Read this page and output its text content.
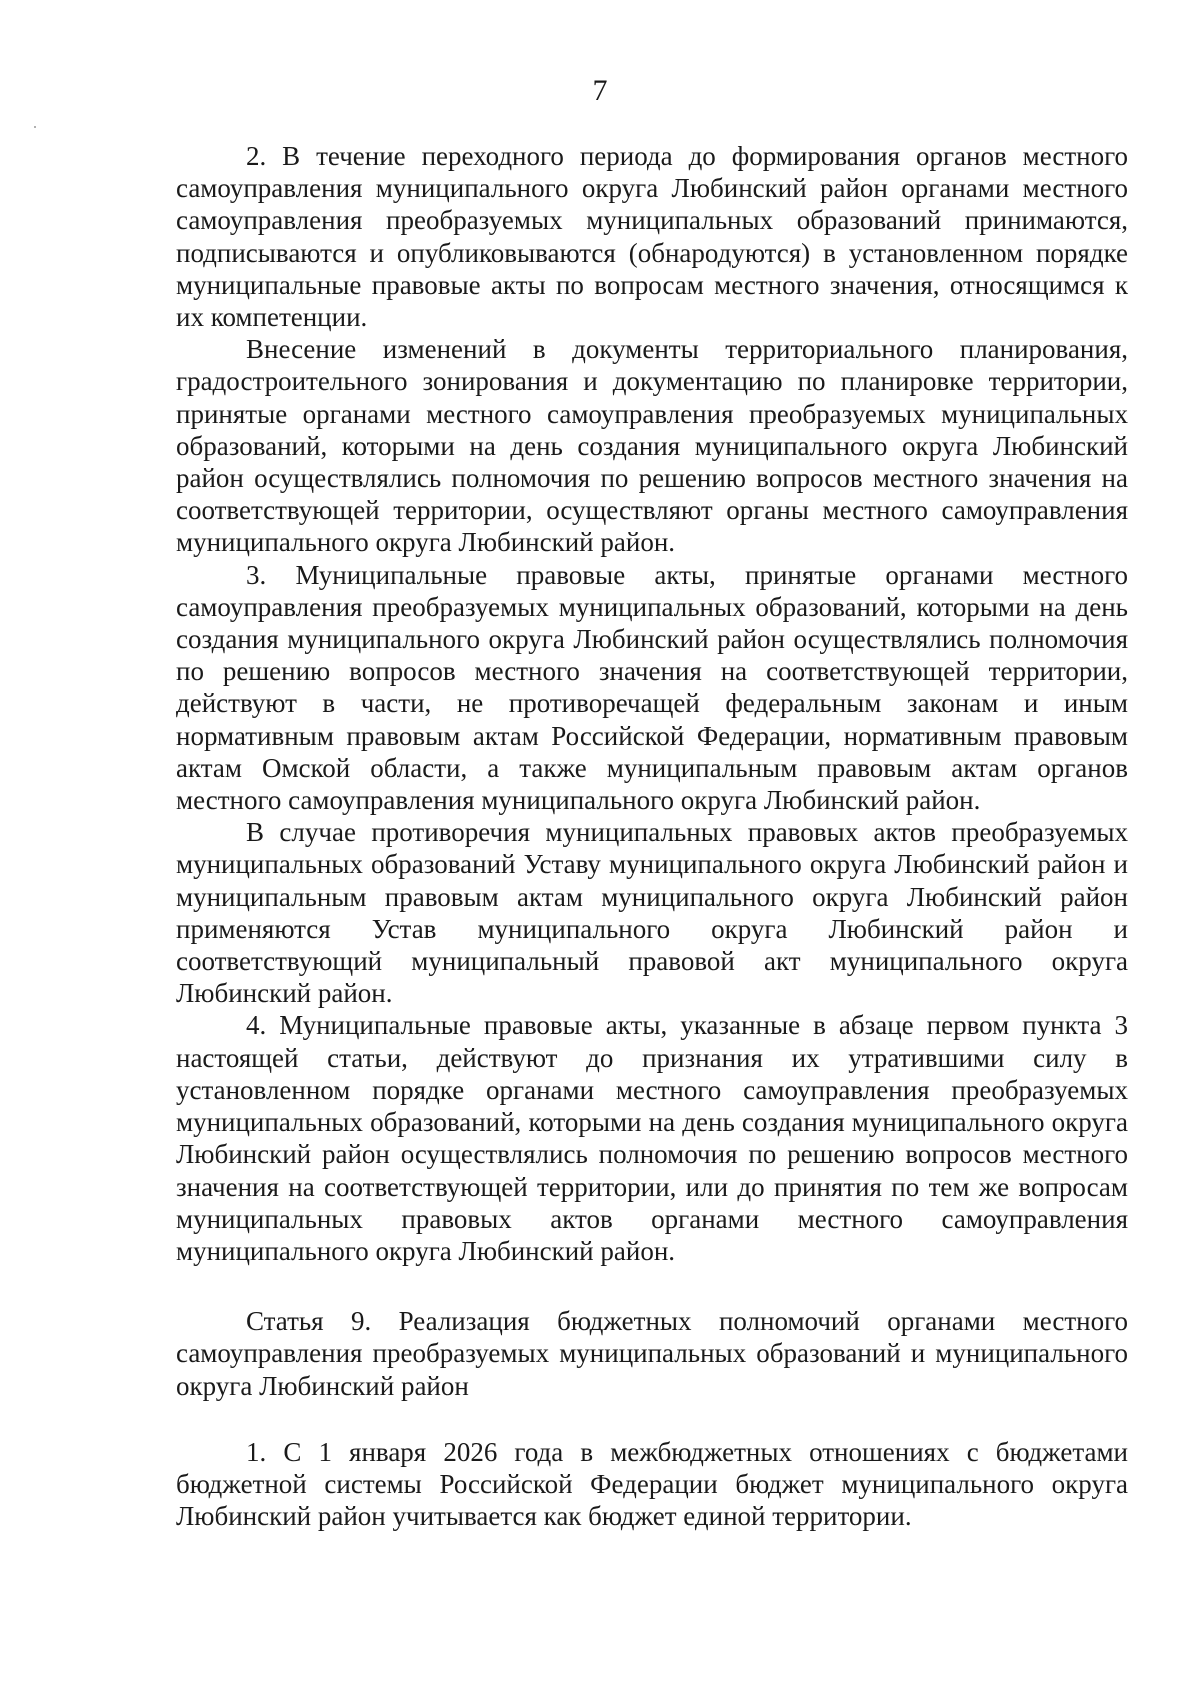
7

2. В течение переходного периода до формирования органов местного самоуправления муниципального округа Любинский район органами местного самоуправления преобразуемых муниципальных образований принимаются, подписываются и опубликовываются (обнародуются) в установленном порядке муниципальные правовые акты по вопросам местного значения, относящимся к их компетенции.

Внесение изменений в документы территориального планирования, градостроительного зонирования и документацию по планировке территории, принятые органами местного самоуправления преобразуемых муниципальных образований, которыми на день создания муниципального округа Любинский район осуществлялись полномочия по решению вопросов местного значения на соответствующей территории, осуществляют органы местного самоуправления муниципального округа Любинский район.

3. Муниципальные правовые акты, принятые органами местного самоуправления преобразуемых муниципальных образований, которыми на день создания муниципального округа Любинский район осуществлялись полномочия по решению вопросов местного значения на соответствующей территории, действуют в части, не противоречащей федеральным законам и иным нормативным правовым актам Российской Федерации, нормативным правовым актам Омской области, а также муниципальным правовым актам органов местного самоуправления муниципального округа Любинский район.

В случае противоречия муниципальных правовых актов преобразуемых муниципальных образований Уставу муниципального округа Любинский район и муниципальным правовым актам муниципального округа Любинский район применяются Устав муниципального округа Любинский район и соответствующий муниципальный правовой акт муниципального округа Любинский район.

4. Муниципальные правовые акты, указанные в абзаце первом пункта 3 настоящей статьи, действуют до признания их утратившими силу в установленном порядке органами местного самоуправления преобразуемых муниципальных образований, которыми на день создания муниципального округа Любинский район осуществлялись полномочия по решению вопросов местного значения на соответствующей территории, или до принятия по тем же вопросам муниципальных правовых актов органами местного самоуправления муниципального округа Любинский район.

Статья 9. Реализация бюджетных полномочий органами местного самоуправления преобразуемых муниципальных образований и муниципального округа Любинский район

1. С 1 января 2026 года в межбюджетных отношениях с бюджетами бюджетной системы Российской Федерации бюджет муниципального округа Любинский район учитывается как бюджет единой территории.
